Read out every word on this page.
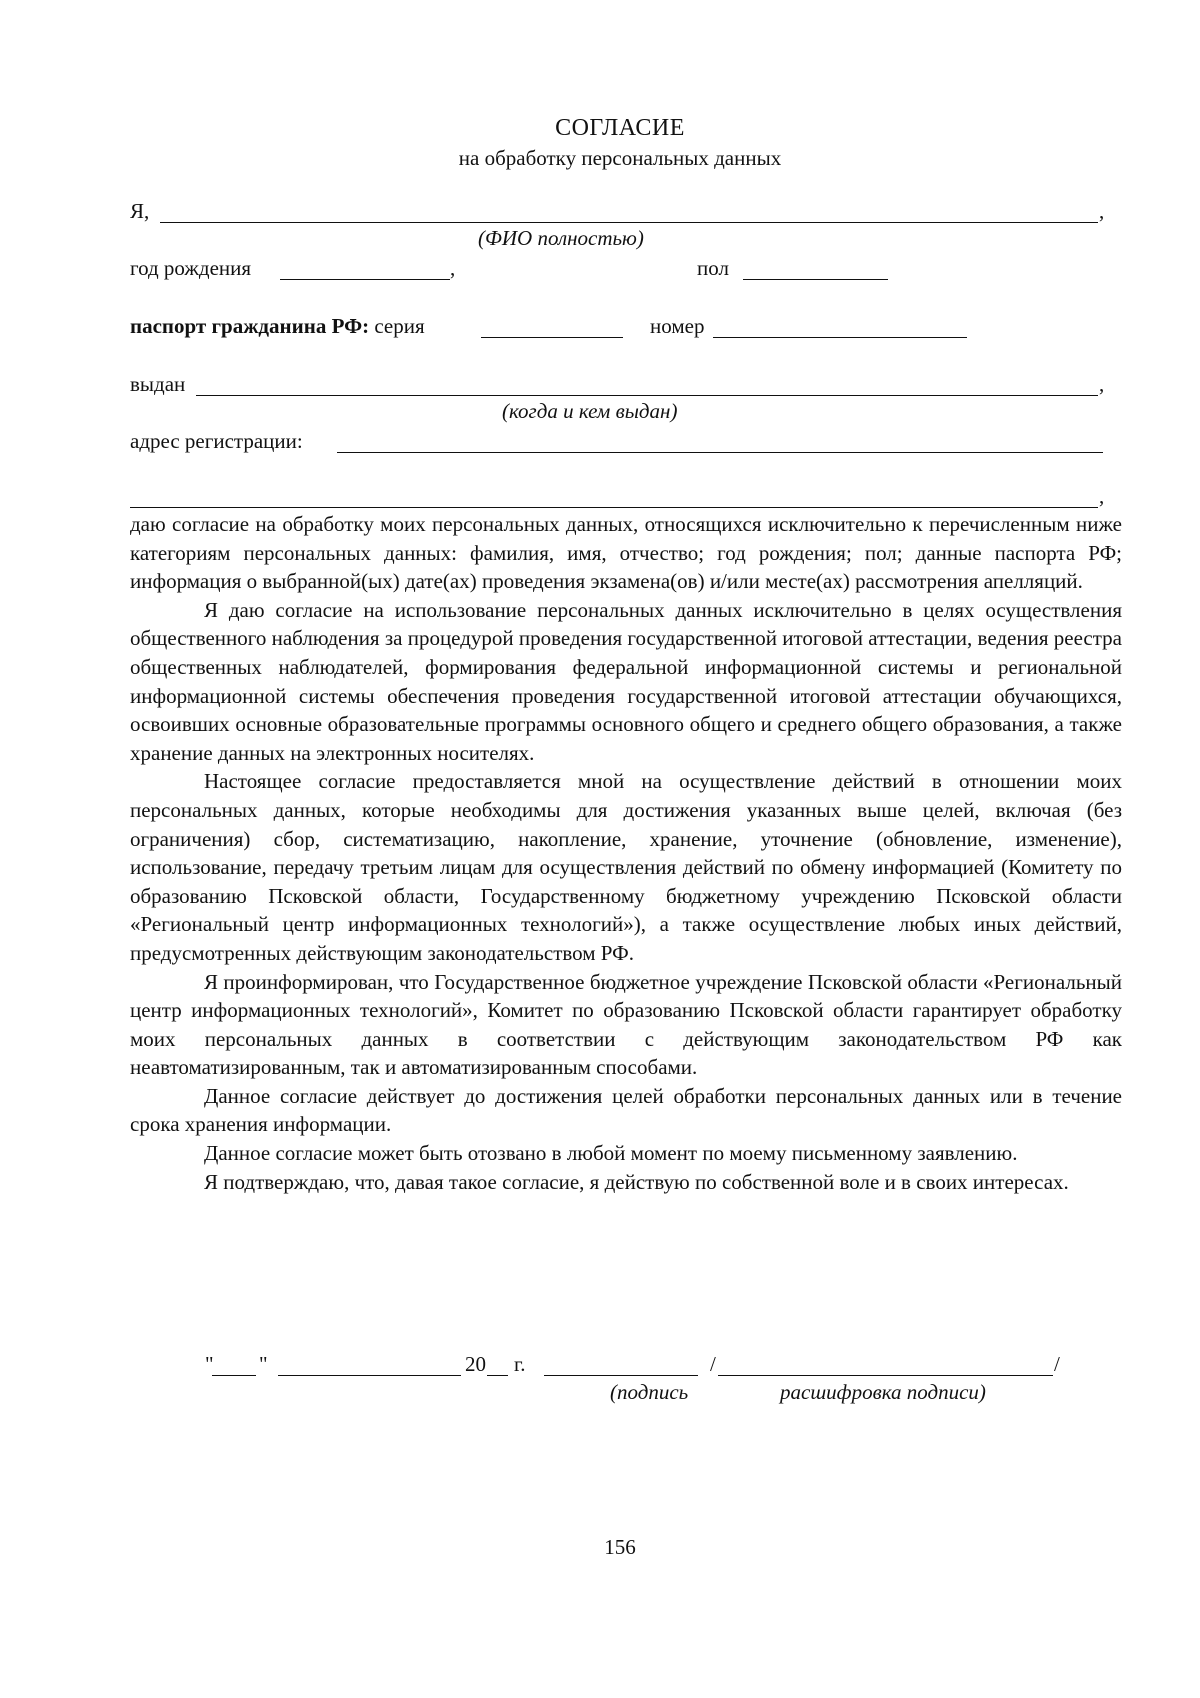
СОГЛАСИЕ
на обработку персональных данных
Я,	,
(ФИО полностью)
год рождения	,	пол
паспорт гражданина РФ: серия	номер
выдан	,
(когда и кем выдан)
адрес регистрации:
,

даю согласие на обработку моих персональных данных, относящихся исключительно к перечисленным ниже категориям персональных данных: фамилия, имя, отчество; год рождения; пол; данные паспорта РФ; информация о выбранной(ых) дате(ах) проведения экзамена(ов) и/или месте(ах) рассмотрения апелляций.

Я даю согласие на использование персональных данных исключительно в целях осуществления общественного наблюдения за процедурой проведения государственной итоговой аттестации, ведения реестра общественных наблюдателей, формирования федеральной информационной системы и региональной информационной системы обеспечения проведения государственной итоговой аттестации обучающихся, освоивших основные образовательные программы основного общего и среднего общего образования, а также хранение данных на электронных носителях.

Настоящее согласие предоставляется мной на осуществление действий в отношении моих персональных данных, которые необходимы для достижения указанных выше целей, включая (без ограничения) сбор, систематизацию, накопление, хранение, уточнение (обновление, изменение), использование, передачу третьим лицам для осуществления действий по обмену информацией (Комитету по образованию Псковской области, Государственному бюджетному учреждению Псковской области «Региональный центр информационных технологий»), а также осуществление любых иных действий, предусмотренных действующим законодательством РФ.

Я проинформирован, что Государственное бюджетное учреждение Псковской области «Региональный центр информационных технологий», Комитет по образованию Псковской области гарантирует обработку моих персональных данных в соответствии с действующим законодательством РФ как неавтоматизированным, так и автоматизированным способами.

Данное согласие действует до достижения целей обработки персональных данных или в течение срока хранения информации.

Данное согласие может быть отозвано в любой момент по моему письменному заявлению.

Я подтверждаю, что, давая такое согласие, я действую по собственной воле и в своих интересах.

" "	20 г.	/	/
(подпись	расшифровка подписи)
156
